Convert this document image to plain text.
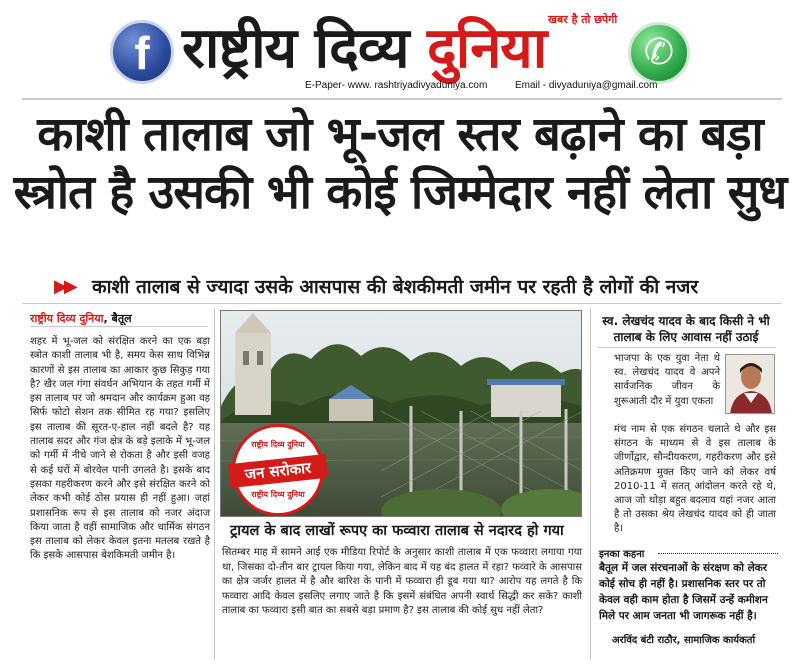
f राष्ट्रीय दिव्य दुनिया खबर है तो छपेगी
✆
E-Paper- www. rashtriyadivyaduniya.com	Email - divyaduniya@gmail.com
काशी तालाब जो भू-जल स्तर बढ़ाने का बड़ा
स्त्रोत है उसकी भी कोई जिम्मेदार नहीं लेता सुध
▶▶ काशी तालाब से ज्यादा उसके आसपास की बेशकीमती जमीन पर रहती है लोगों की नजर
राष्ट्रीय दिव्य दुनिया, बैतूल
शहर में भू-जल को संरक्षित करने का एक बड़ा स्त्रोत काशी तालाब भी है, समय केस साथ विभिन्न कारणों से इस तालाब का आकार कुछ सिकुड़ गया है? खैर जल गंगा संवर्धन अभियान के तहत गर्मी में इस तालाब पर जो श्रमदान और कार्यक्रम हुआ वह सिर्फ फोटो सेशन तक सीमित रह गया? इसलिए इस तालाब की सूरत-ए-हाल नहीं बदले है? यह तालाब सदर और गंज क्षेत्र के बड़े इलाके में भू-जल को गर्मी में नीचे जाने से रोकता है और इसी वजह से कई घरों में बोरवेल पानी उगलते है। इसके बाद इसका गहरीकरण करने और इसे संरक्षित करने को लेकर कभी कोई ठोस प्रयास ही नहीं हुआ। जहां प्रशासनिक रूप से इस तालाब को नजर अंदाज किया जाता है वहीं सामाजिक और धार्मिक संगठन इस तालाब को लेकर केवल इतना मतलब रखते है कि इसके आसपास बेशकिमती जमीन है।
राष्ट्रीय दिव्य दुनिया
जन सरोकार
राष्ट्रीय दिव्य दुनिया
ट्रायल के बाद लाखों रूपए का फव्वारा तालाब से नदारद हो गया
सितम्बर माह में सामने आई एक मीडिया रिपोर्ट के अनुसार काशी तालाब में एक फव्वारा लगाया गया था, जिसका दो-तीन बार ट्रायल किया गया, लेकिन बाद में यह बंद हालत में रहा? फव्वारे के आसपास का क्षेत्र जर्जर हालत में है और बारिश के पानी में फव्वारा ही डूब गया था? आरोप यह लगते है कि फव्वारा आदि केवल इसलिए लगाए जाते है कि इसमें संबंधित अपनी स्वार्थ सिद्धी कर सके? काशी तालाब का फव्वारा इसी बात का सबसे बड़ा प्रमाण है? इस तालाब की कोई सुध नहीं लेता?
स्व. लेखचंद यादव के बाद किसी ने भी तालाब के लिए आवास नहीं उठाई
भाजपा के एक युवा नेता थे स्व. लेखचंद यादव वे अपने सार्वजनिक जीवन के शुरूआती दौर में युवा एकता
मंच नाम से एक संगठन चलाते थे और इस संगठन के माध्यम से वे इस तालाब के जीर्णोद्वार, सौन्दीयकरण, गहरीकरण और इसे अतिक्रमण मुक्त किए जाने को लेकर वर्ष 2010-11 में सतत् आंदोलन करते रहे थे, आज जो थोड़ा बहुत बदलाव यहां नजर आता है तो उसका श्रेय लेखचंद यादव को ही जाता है।
इनका कहना
बैतूल में जल संरचनाओं के संरक्षण को लेकर कोई सोच ही नहीं है। प्रशासनिक स्तर पर तो केवल वही काम होता है जिसमें उन्हें कमीशन मिले पर आम जनता भी जागरूक नहीं है।
अरविंद बंटी राठौर, सामाजिक कार्यकर्ता
